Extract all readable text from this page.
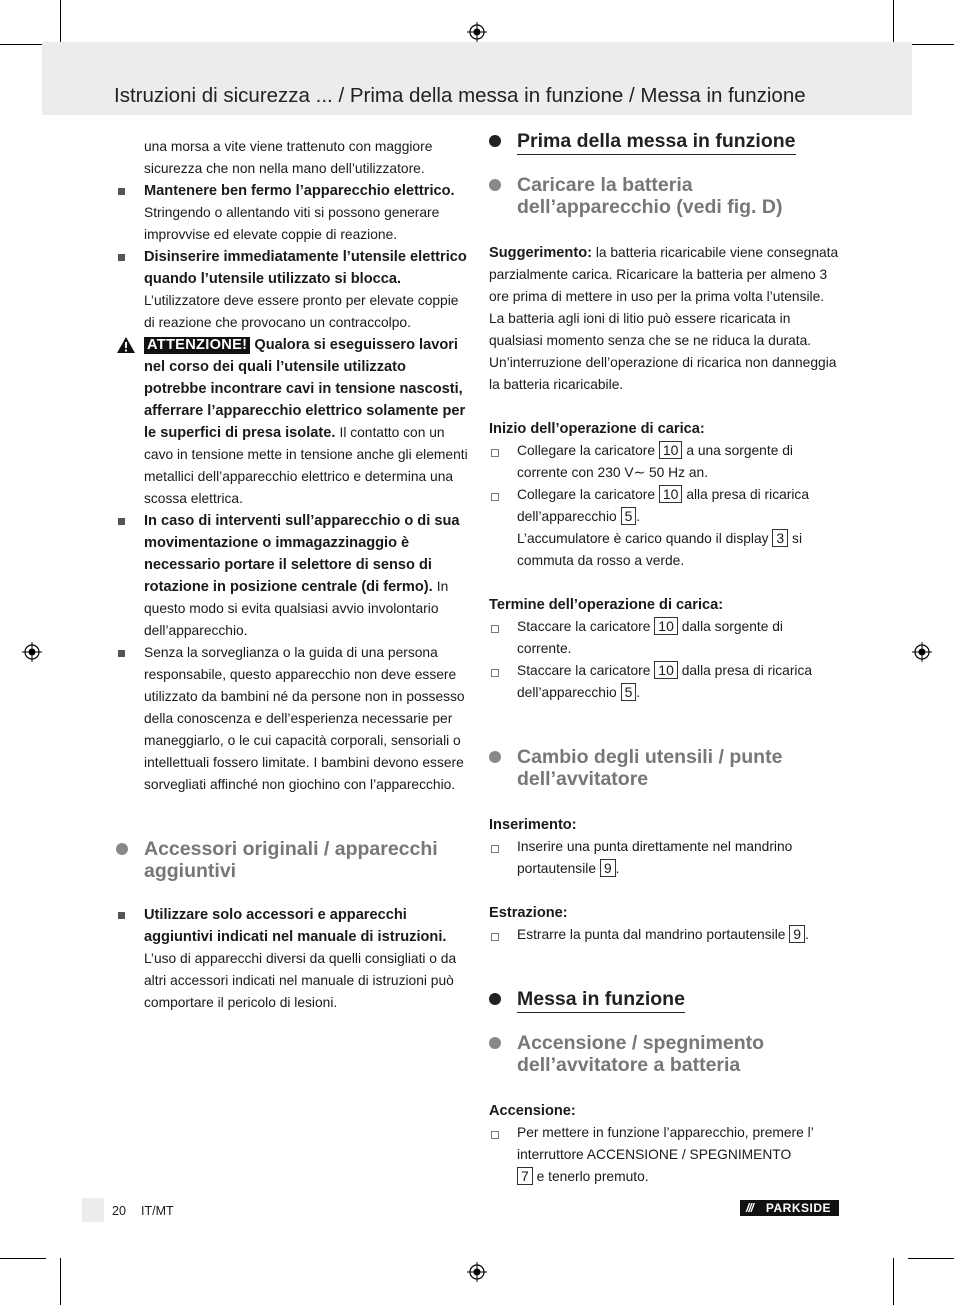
Istruzioni di sicurezza ... / Prima della messa in funzione / Messa in funzione

una morsa a vite viene trattenuto con maggiore sicurezza che non nella mano dell’utilizzatore.

Mantenere ben fermo l’apparecchio elettrico. Stringendo o allentando viti si possono generare improvvise ed elevate coppie di reazione.

Disinserire immediatamente l’utensile elettrico quando l’utensile utilizzato si blocca. L’utilizzatore deve essere pronto per elevate coppie di reazione che provocano un contraccolpo.

ATTENZIONE! Qualora si eseguissero lavori nel corso dei quali l’utensile utilizzato potrebbe incontrare cavi in tensione nascosti, afferrare l’apparecchio elettrico solamente per le superfici di presa isolate. Il contatto con un cavo in tensione mette in tensione anche gli elementi metallici dell’apparecchio elettrico e determina una scossa elettrica.

In caso di interventi sull’apparecchio o di sua movimentazione o immagazzinaggio è necessario portare il selettore di senso di rotazione in posizione centrale (di fermo). In questo modo si evita qualsiasi avvio involontario dell’apparecchio.

Senza la sorveglianza o la guida di una persona responsabile, questo apparecchio non deve essere utilizzato da bambini né da persone non in possesso della conoscenza e dell’esperienza necessarie per maneggiarlo, o le cui capacità corporali, sensoriali o intellettuali fossero limitate. I bambini devono essere sorvegliati affinché non giochino con l’apparecchio.

Accessori originali / apparecchi aggiuntivi

Utilizzare solo accessori e apparecchi aggiuntivi indicati nel manuale di istruzioni. L’uso di apparecchi diversi da quelli consigliati o da altri accessori indicati nel manuale di istruzioni può comportare il pericolo di lesioni.

Prima della messa in funzione
Caricare la batteria dell’apparecchio (vedi fig. D)

Suggerimento: la batteria ricaricabile viene consegnata parzialmente carica. Ricaricare la batteria per almeno 3 ore prima di mettere in uso per la prima volta l’utensile. La batteria agli ioni di litio può essere ricaricata in qualsiasi momento senza che se ne riduca la durata. Un’interruzione dell’operazione di ricarica non danneggia la batteria ricaricabile.

Inizio dell’operazione di carica:

Collegare la caricatore 10 a una sorgente di corrente con 230 V∼ 50 Hz an.

Collegare la caricatore 10 alla presa di ricarica dell’apparecchio 5 .
L’accumulatore è carico quando il display 3 si commuta da rosso a verde.

Termine dell’operazione di carica:

Staccare la caricatore 10 dalla sorgente di corrente.

Staccare la caricatore 10 dalla presa di ricarica dell’apparecchio 5 .

Cambio degli utensili / punte dell’avvitatore

Inserimento:

Inserire una punta direttamente nel mandrino portautensile 9 .

Estrazione:

Estrarre la punta dal mandrino portautensile 9 .

Messa in funzione
Accensione / spegnimento dell’avvitatore a batteria

Accensione:

Per mettere in funzione l’apparecchio, premere l’ interruttore ACCENSIONE / SPEGNIMENTO
7 e tenerlo premuto.

20 IT/MT	/// PARKSIDE
